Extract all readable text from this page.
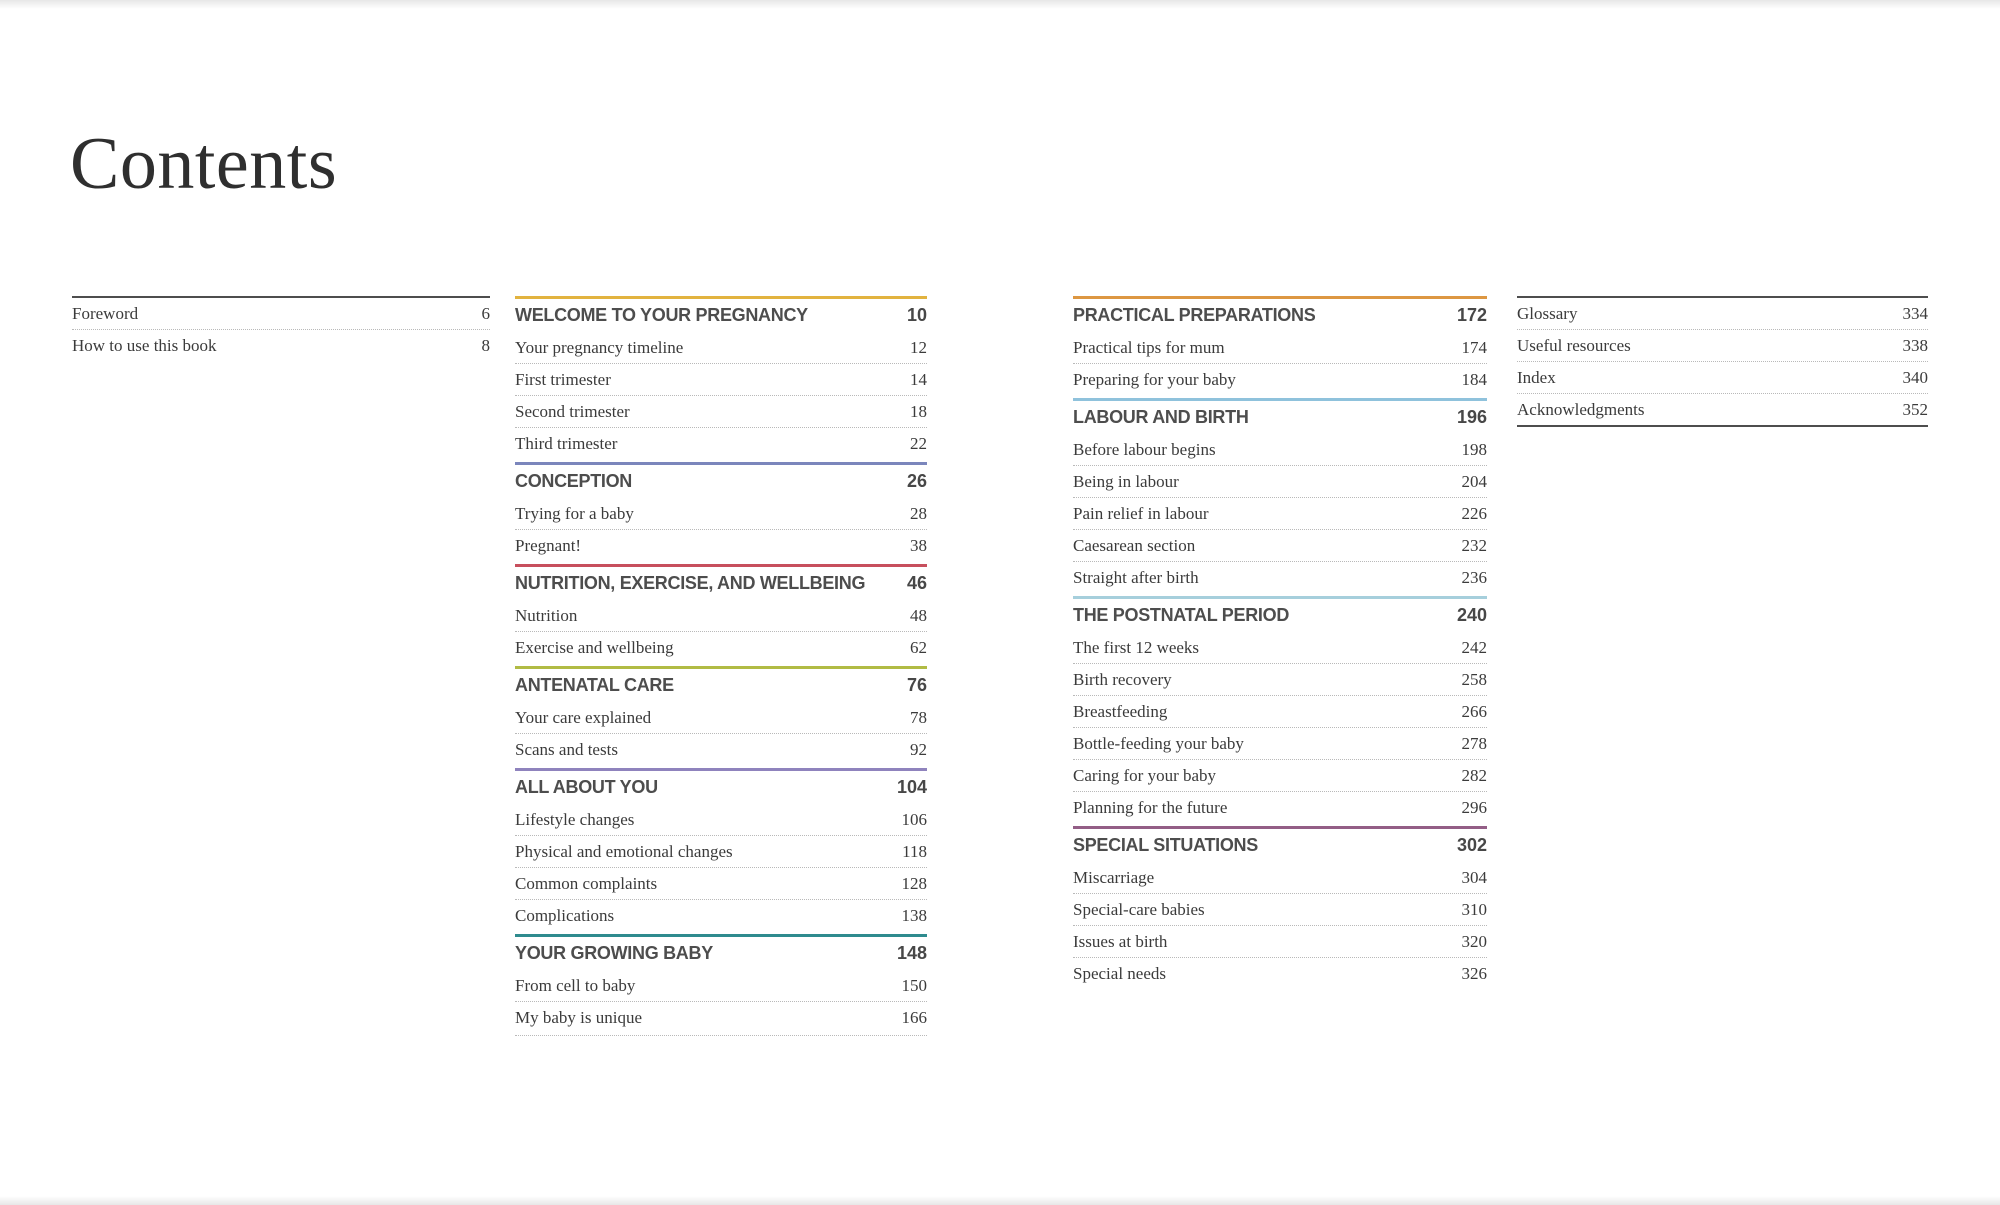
Contents
Foreword	6
How to use this book	8
WELCOME TO YOUR PREGNANCY	10
Your pregnancy timeline	12
First trimester	14
Second trimester	18
Third trimester	22
CONCEPTION	26
Trying for a baby	28
Pregnant!	38
NUTRITION, EXERCISE, AND WELLBEING 46
Nutrition	48
Exercise and wellbeing	62
ANTENATAL CARE	76
Your care explained	78
Scans and tests	92
ALL ABOUT YOU	104
Lifestyle changes	106
Physical and emotional changes	118
Common complaints	128
Complications	138
YOUR GROWING BABY	148
From cell to baby	150
My baby is unique	166
PRACTICAL PREPARATIONS	172
Practical tips for mum	174
Preparing for your baby	184
LABOUR AND BIRTH	196
Before labour begins	198
Being in labour	204
Pain relief in labour	226
Caesarean section	232
Straight after birth	236
THE POSTNATAL PERIOD	240
The first 12 weeks	242
Birth recovery	258
Breastfeeding	266
Bottle-feeding your baby	278
Caring for your baby	282
Planning for the future	296
SPECIAL SITUATIONS	302
Miscarriage	304
Special-care babies	310
Issues at birth	320
Special needs	326
Glossary	334
Useful resources	338
Index	340
Acknowledgments	352
